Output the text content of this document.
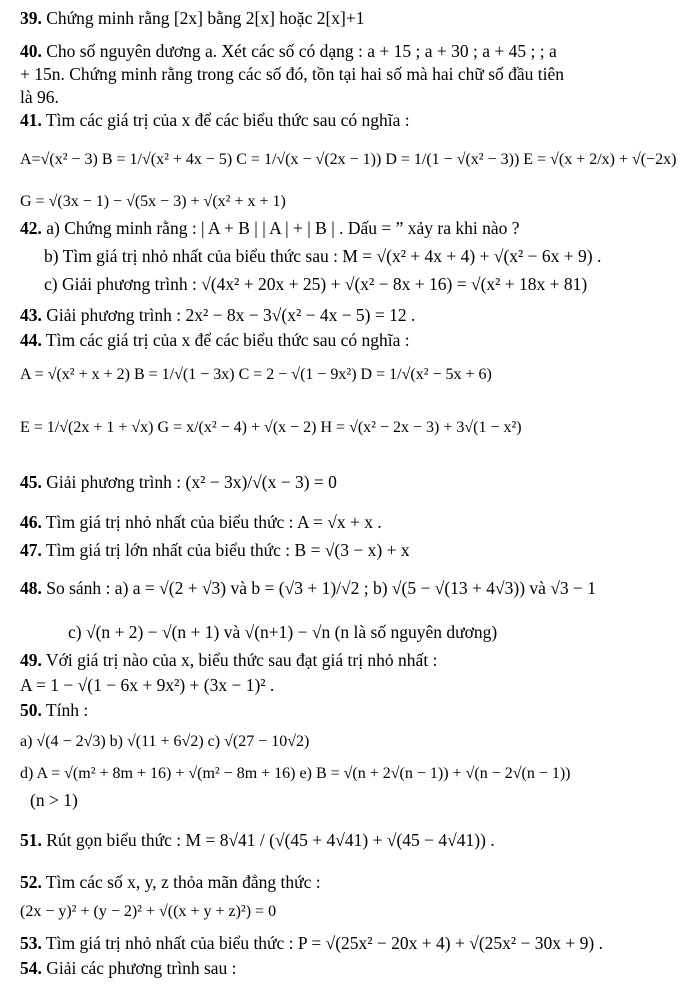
39. Chứng minh rằng [2x] bằng 2[x] hoặc 2[x]+1
40. Cho số nguyên dương a. Xét các số có dạng : a + 15 ; a + 30 ; a + 45 ; ; a
+ 15n. Chứng minh rằng trong các số đó, tồn tại hai số mà hai chữ số đầu tiên
là 96.
41. Tìm các giá trị của x để các biểu thức sau có nghĩa :
A=√(x² − 3) B = 1/√(x² + 4x − 5) C = 1/√(x − √(2x − 1)) D = 1/(1 − √(x² − 3)) E = √(x + 2/x) + √(−2x)
G = √(3x − 1) − √(5x − 3) + √(x² + x + 1)
42. a) Chứng minh rằng : | A + B | | A | + | B | . Dấu = ” xảy ra khi nào ?
b) Tìm giá trị nhỏ nhất của biểu thức sau : M = √(x² + 4x + 4) + √(x² − 6x + 9) .
c) Giải phương trình : √(4x² + 20x + 25) + √(x² − 8x + 16) = √(x² + 18x + 81)
43. Giải phương trình : 2x² − 8x − 3√(x² − 4x − 5) = 12 .
44. Tìm các giá trị của x để các biểu thức sau có nghĩa :
A = √(x² + x + 2) B = 1/√(1 − 3x) C = 2 − √(1 − 9x²) D = 1/√(x² − 5x + 6)
E = 1/√(2x + 1 + √x) G = x/(x² − 4) + √(x − 2) H = √(x² − 2x − 3) + 3√(1 − x²)
45. Giải phương trình : (x² − 3x)/√(x − 3) = 0
46. Tìm giá trị nhỏ nhất của biểu thức : A = √x + x .
47. Tìm giá trị lớn nhất của biểu thức : B = √(3 − x) + x
48. So sánh : a) a = √(2 + √3) và b = (√3 + 1)/√2 ; b) √(5 − √(13 + 4√3)) và √3 − 1
c) √(n + 2) − √(n + 1) và √(n+1) − √n (n là số nguyên dương)
49. Với giá trị nào của x, biểu thức sau đạt giá trị nhỏ nhất :
A = 1 − √(1 − 6x + 9x²) + (3x − 1)² .
50. Tính :
a) √(4 − 2√3) b) √(11 + 6√2) c) √(27 − 10√2)
d) A = √(m² + 8m + 16) + √(m² − 8m + 16) e) B = √(n + 2√(n − 1)) + √(n − 2√(n − 1))
(n > 1)
51. Rút gọn biểu thức : M = 8√41 / (√(45 + 4√41) + √(45 − 4√41)) .
52. Tìm các số x, y, z thỏa mãn đẳng thức :
(2x − y)² + (y − 2)² + √((x + y + z)²) = 0
53. Tìm giá trị nhỏ nhất của biểu thức : P = √(25x² − 20x + 4) + √(25x² − 30x + 9) .
54. Giải các phương trình sau :
